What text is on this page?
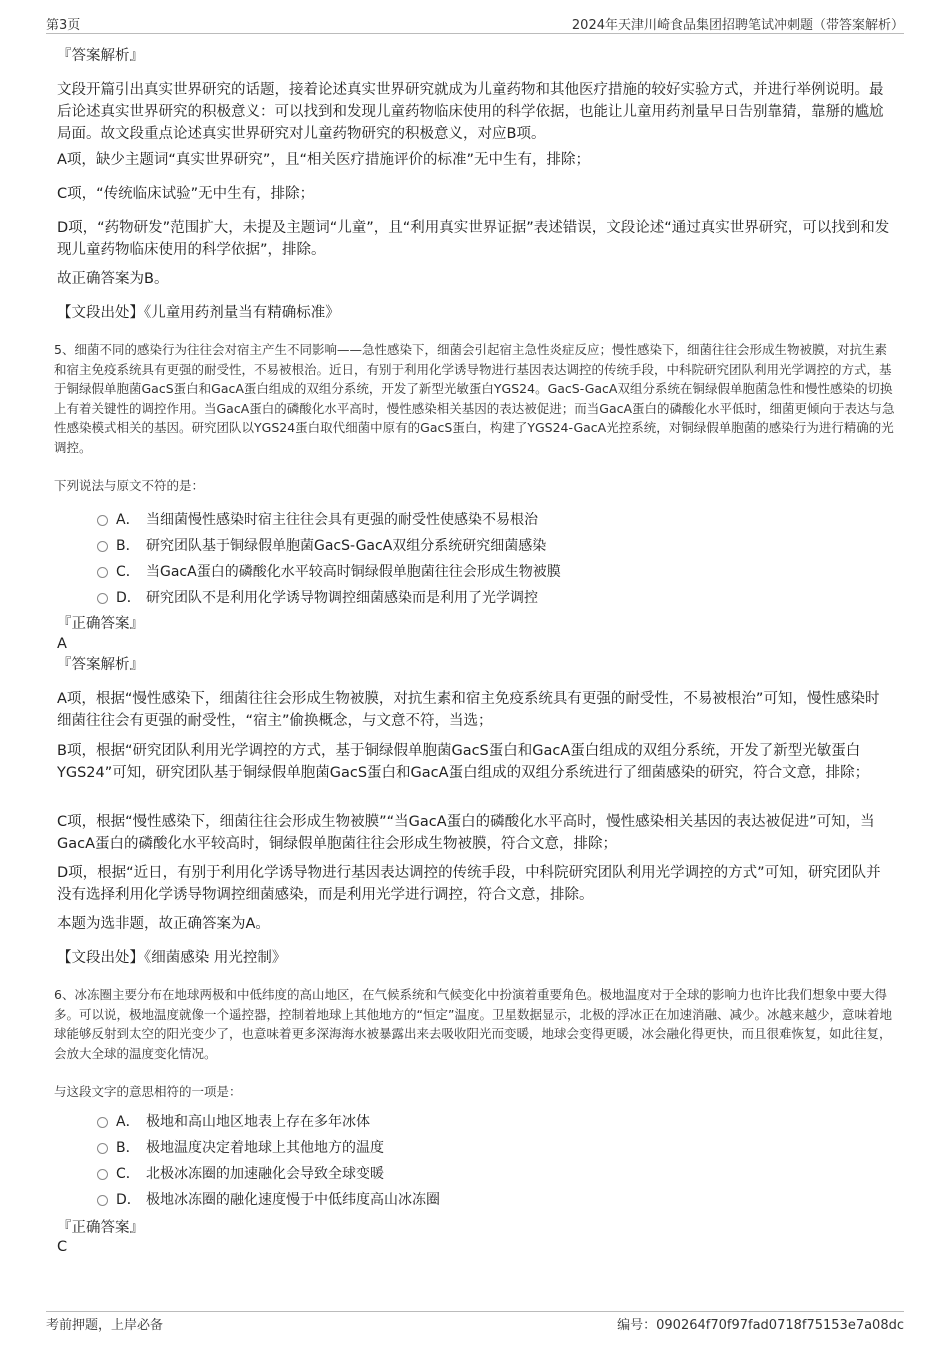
第3页	2024年天津川崎食品集团招聘笔试冲刺题（带答案解析）
『答案解析』
文段开篇引出真实世界研究的话题，接着论述真实世界研究就成为儿童药物和其他医疗措施的较好实验方式，并进行举例说明。最后论述真实世界研究的积极意义：可以找到和发现儿童药物临床使用的科学依据，也能让儿童用药剂量早日告别靠猜，靠掰的尴尬局面。故文段重点论述真实世界研究对儿童药物研究的积极意义，对应B项。
A项，缺少主题词“真实世界研究”，且“相关医疗措施评价的标准”无中生有，排除；
C项，“传统临床试验”无中生有，排除；
D项，“药物研发”范围扩大，未提及主题词“儿童”，且“利用真实世界证据”表述错误，文段论述“通过真实世界研究，可以找到和发现儿童药物临床使用的科学依据”，排除。
故正确答案为B。
【文段出处】《儿童用药剂量当有精确标准》
5、细菌不同的感染行为往往会对宿主产生不同影响——急性感染下，细菌会引起宿主急性炎症反应；慢性感染下，细菌往往会形成生物被膜，对抗生素和宿主免疫系统具有更强的耐受性，不易被根治。近日，有别于利用化学诱导物进行基因表达调控的传统手段，中科院研究团队利用光学调控的方式，基于铜绿假单胞菌GacS蛋白和GacA蛋白组成的双组分系统，开发了新型光敏蛋白YGS24。GacS-GacA双组分系统在铜绿假单胞菌急性和慢性感染的切换上有着关键性的调控作用。当GacA蛋白的磷酸化水平高时，慢性感染相关基因的表达被促进；而当GacA蛋白的磷酸化水平低时，细菌更倾向于表达与急性感染模式相关的基因。研究团队以YGS24蛋白取代细菌中原有的GacS蛋白，构建了YGS24-GacA光控系统，对铜绿假单胞菌的感染行为进行精确的光调控。
下列说法与原文不符的是：
A． 当细菌慢性感染时宿主往往会具有更强的耐受性使感染不易根治
B． 研究团队基于铜绿假单胞菌GacS-GacA双组分系统研究细菌感染
C． 当GacA蛋白的磷酸化水平较高时铜绿假单胞菌往往会形成生物被膜
D． 研究团队不是利用化学诱导物调控细菌感染而是利用了光学调控
『正确答案』
A
『答案解析』
A项，根据“慢性感染下，细菌往往会形成生物被膜，对抗生素和宿主免疫系统具有更强的耐受性，不易被根治”可知，慢性感染时细菌往往会有更强的耐受性，“宿主”偷换概念，与文意不符，当选；
B项，根据“研究团队利用光学调控的方式，基于铜绿假单胞菌GacS蛋白和GacA蛋白组成的双组分系统，开发了新型光敏蛋白YGS24”可知，研究团队基于铜绿假单胞菌GacS蛋白和GacA蛋白组成的双组分系统进行了细菌感染的研究，符合文意，排除；
C项，根据“慢性感染下，细菌往往会形成生物被膜”“当GacA蛋白的磷酸化水平高时，慢性感染相关基因的表达被促进”可知，当GacA蛋白的磷酸化水平较高时，铜绿假单胞菌往往会形成生物被膜，符合文意，排除；
D项，根据“近日，有别于利用化学诱导物进行基因表达调控的传统手段，中科院研究团队利用光学调控的方式”可知，研究团队并没有选择利用化学诱导物调控细菌感染，而是利用光学进行调控，符合文意，排除。
本题为选非题，故正确答案为A。
【文段出处】《细菌感染 用光控制》
6、冰冻圈主要分布在地球两极和中低纬度的高山地区，在气候系统和气候变化中扮演着重要角色。极地温度对于全球的影响力也许比我们想象中要大得多。可以说，极地温度就像一个遥控器，控制着地球上其他地方的“恒定”温度。卫星数据显示，北极的浮冰正在加速消融、减少。冰越来越少，意味着地球能够反射到太空的阳光变少了，也意味着更多深海海水被暴露出来去吸收阳光而变暖，地球会变得更暖，冰会融化得更快，而且很难恢复，如此往复，会放大全球的温度变化情况。
与这段文字的意思相符的一项是：
A． 极地和高山地区地表上存在多年冰体
B． 极地温度决定着地球上其他地方的温度
C． 北极冰冻圈的加速融化会导致全球变暖
D． 极地冰冻圈的融化速度慢于中低纬度高山冰冻圈
『正确答案』
C
考前押题，上岸必备	编号：090264f70f97fad0718f75153e7a08dc
